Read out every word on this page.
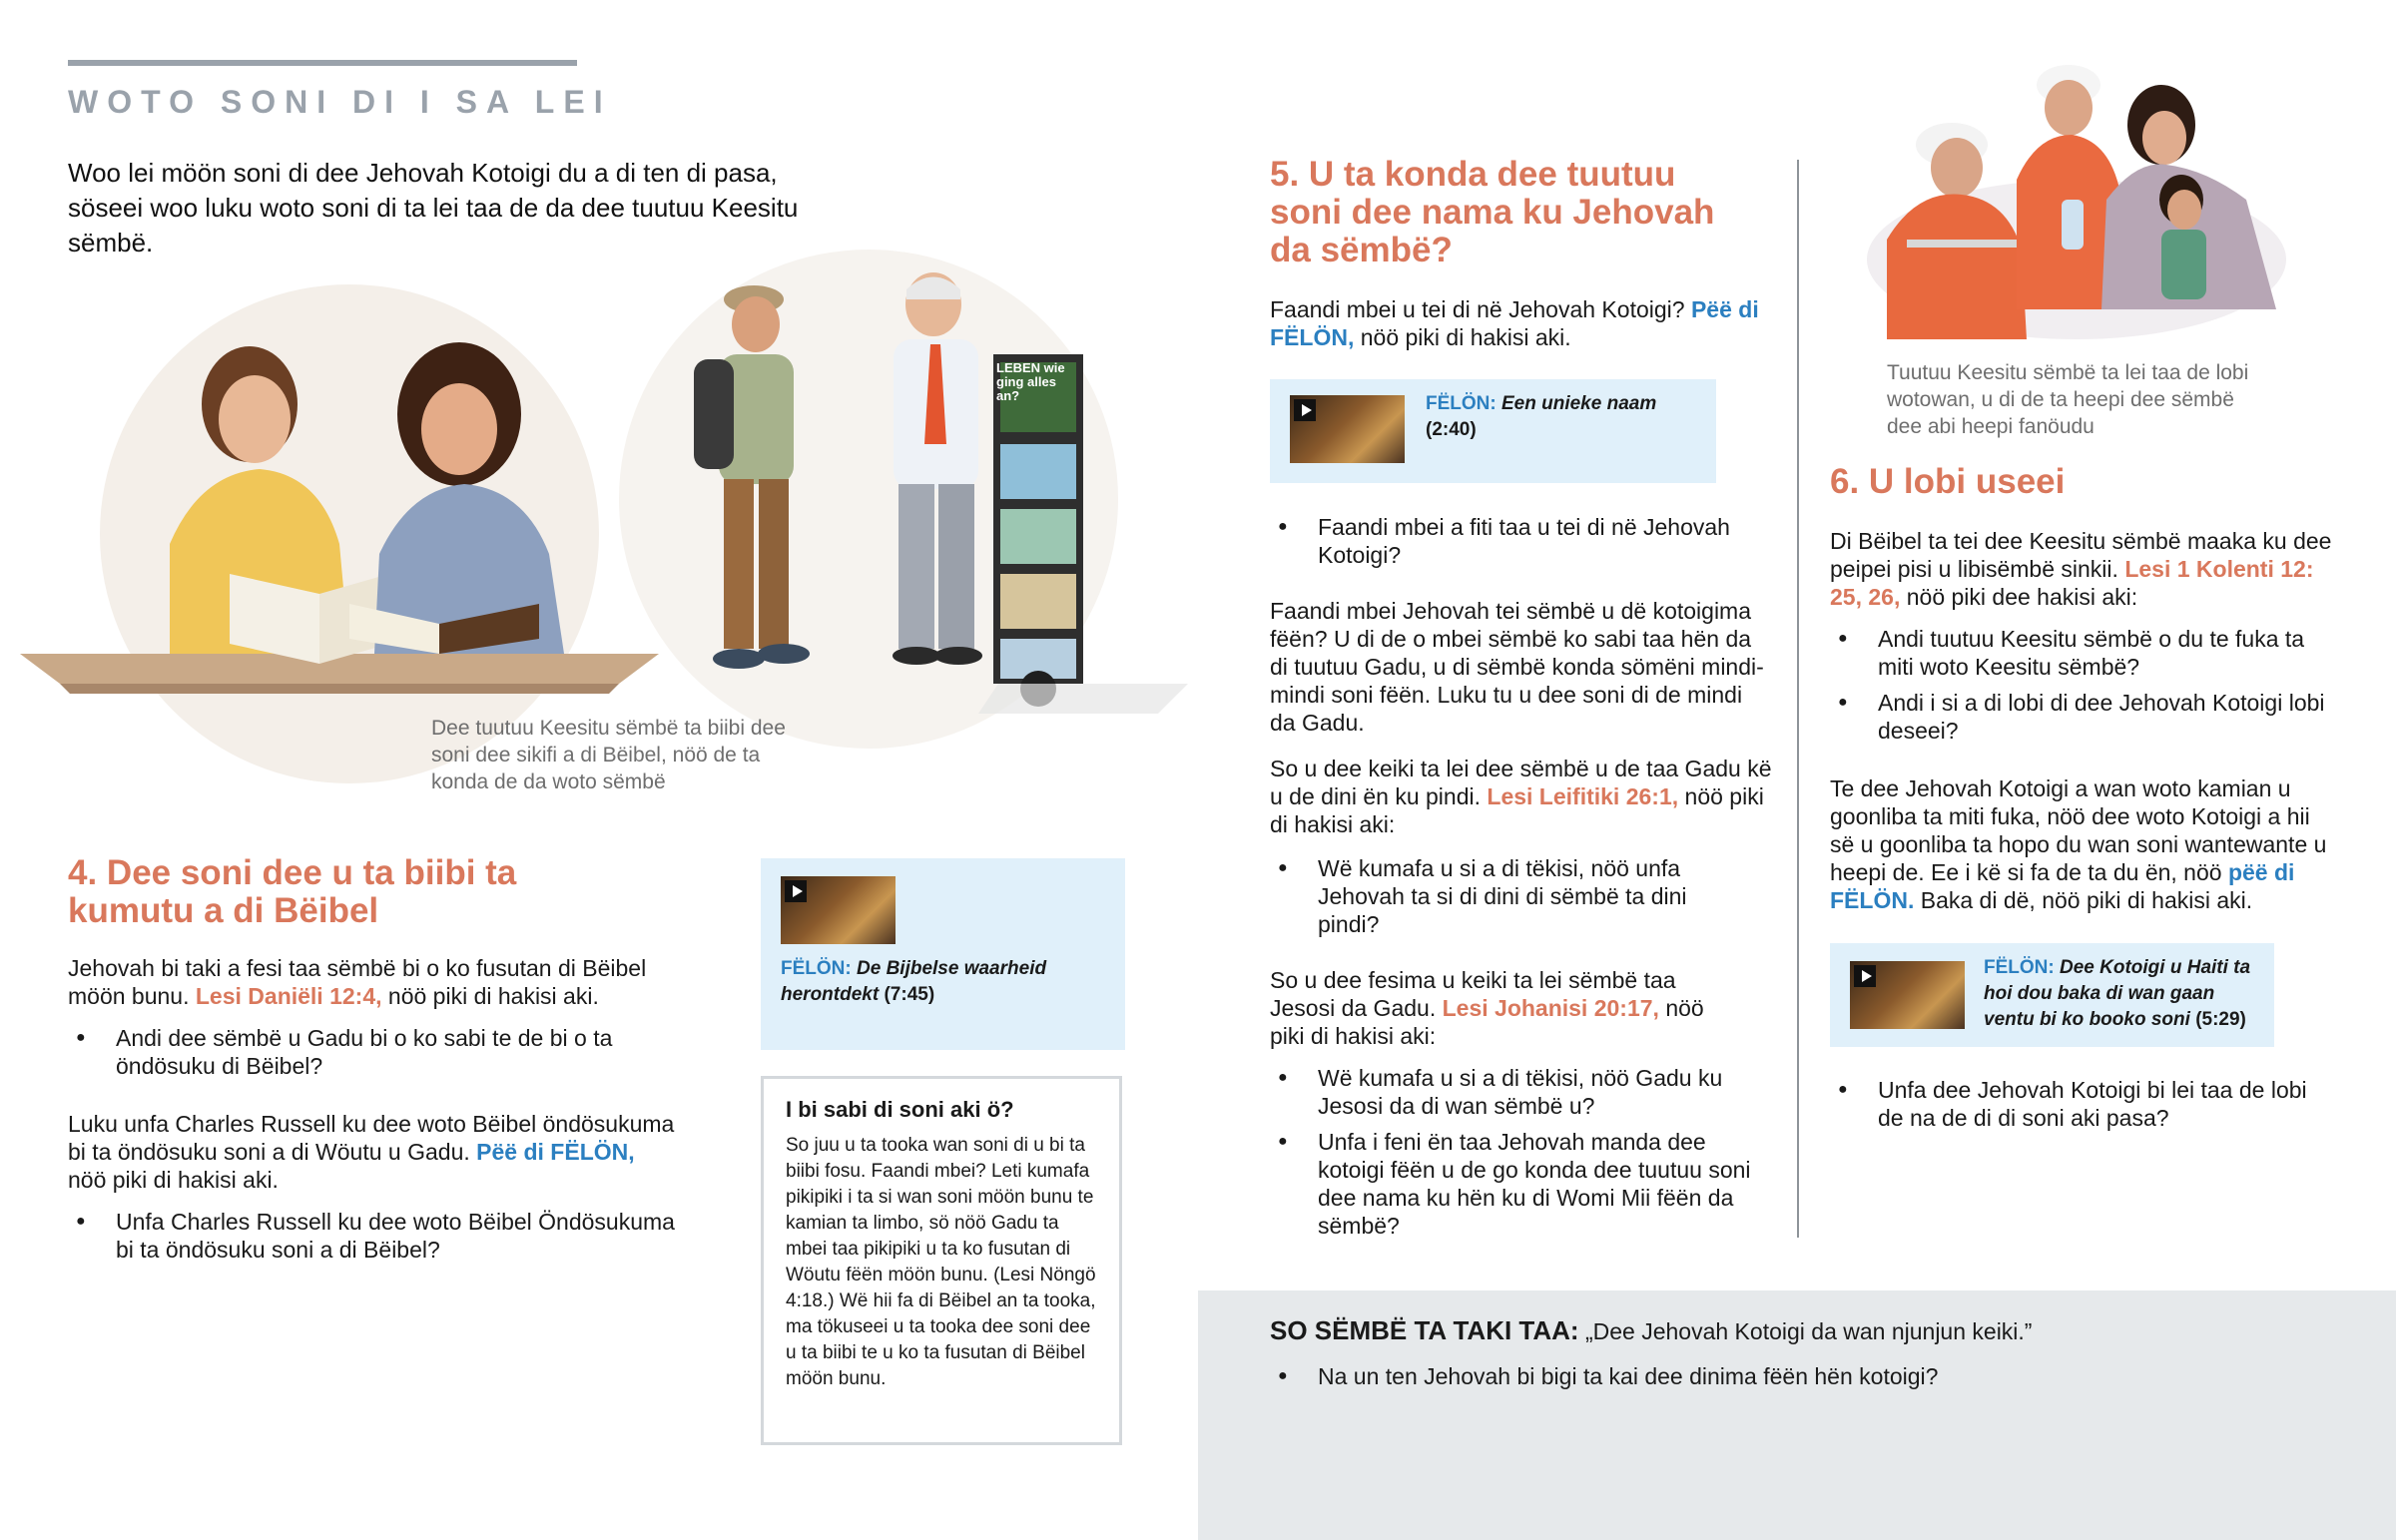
WOTO SONI DI I SA LEI
Woo lei möön soni di dee Jehovah Kotoigi du a di ten di pasa, söseei woo luku woto soni di ta lei taa de da dee tuutuu Keesitu sëmbë.
LEBEN wie ging alles an?
Dee tuutuu Keesitu sëmbë ta biibi dee soni dee sikifi a di Bëibel, nöö de ta konda de da woto sëmbë
4. Dee soni dee u ta biibi ta kumutu a di Bëibel
Jehovah bi taki a fesi taa sëmbë bi o ko fusutan di Bëibel möön bunu. Lesi Daniëli 12:4, nöö piki di hakisi aki.
● Andi dee sëmbë u Gadu bi o ko sabi te de bi o ta öndösuku di Bëibel?
Luku unfa Charles Russell ku dee woto Bëibel öndösukuma bi ta öndösuku soni a di Wöutu u Gadu. Pëë di FËLÖN, nöö piki di hakisi aki.
● Unfa Charles Russell ku dee woto Bëibel Öndösukuma bi ta öndösuku soni a di Bëibel?
FËLÖN: De Bijbelse waarheid herontdekt (7:45)
I bi sabi di soni aki ö?
So juu u ta tooka wan soni di u bi ta biibi fosu. Faandi mbei? Leti kumafa pikipiki i ta si wan soni möön bunu te kamian ta limbo, sö nöö Gadu ta mbei taa pikipiki u ta ko fusutan di Wöutu fëën möön bunu. (Lesi Nöngö 4:18.) Wë hii fa di Bëibel an ta tooka, ma tökuseei u ta tooka dee soni dee u ta biibi te u ko ta fusutan di Bëibel möön bunu.
5. U ta konda dee tuutuu soni dee nama ku Jehovah da sëmbë?
Faandi mbei u tei di në Jehovah Kotoigi? Pëë di FËLÖN, nöö piki di hakisi aki.
FËLÖN: Een unieke naam
(2:40)
● Faandi mbei a fiti taa u tei di në Jehovah Kotoigi?
Faandi mbei Jehovah tei sëmbë u dë kotoigima fëën? U di de o mbei sëmbë ko sabi taa hën da di tuutuu Gadu, u di sëmbë konda sömëni mindi-mindi soni fëën. Luku tu u dee soni di de mindi da Gadu.
So u dee keiki ta lei dee sëmbë u de taa Gadu kë u de dini ën ku pindi. Lesi Leifitiki 26:1, nöö piki di hakisi aki:
● Wë kumafa u si a di tëkisi, nöö unfa Jehovah ta si di dini di sëmbë ta dini pindi?
So u dee fesima u keiki ta lei sëmbë taa Jesosi da Gadu. Lesi Johanisi 20:17, nöö piki di hakisi aki:
● Wë kumafa u si a di tëkisi, nöö Gadu ku Jesosi da di wan sëmbë u?
● Unfa i feni ën taa Jehovah manda dee kotoigi fëën u de go konda dee tuutuu soni dee nama ku hën ku di Womi Mii fëën da sëmbë?
Tuutuu Keesitu sëmbë ta lei taa de lobi wotowan, u di de ta heepi dee sëmbë dee abi heepi fanöudu
6. U lobi useei
Di Bëibel ta tei dee Keesitu sëmbë maaka ku dee peipei pisi u libisëmbë sinkii. Lesi 1 Kolenti 12: 25, 26, nöö piki dee hakisi aki:
● Andi tuutuu Keesitu sëmbë o du te fuka ta miti woto Keesitu sëmbë?
● Andi i si a di lobi di dee Jehovah Kotoigi lobi deseei?
Te dee Jehovah Kotoigi a wan woto kamian u goonliba ta miti fuka, nöö dee woto Kotoigi a hii së u goonliba ta hopo du wan soni wantewante u heepi de. Ee i kë si fa de ta du ën, nöö pëë di FËLÖN. Baka di dë, nöö piki di hakisi aki.
FËLÖN: Dee Kotoigi u Haiti ta hoi dou baka di wan gaan ventu bi ko booko soni (5:29)
● Unfa dee Jehovah Kotoigi bi lei taa de lobi de na de di di soni aki pasa?
SO SËMBË TA TAKI TAA: „Dee Jehovah Kotoigi da wan njunjun keiki.”
● Na un ten Jehovah bi bigi ta kai dee dinima fëën hën kotoigi?
